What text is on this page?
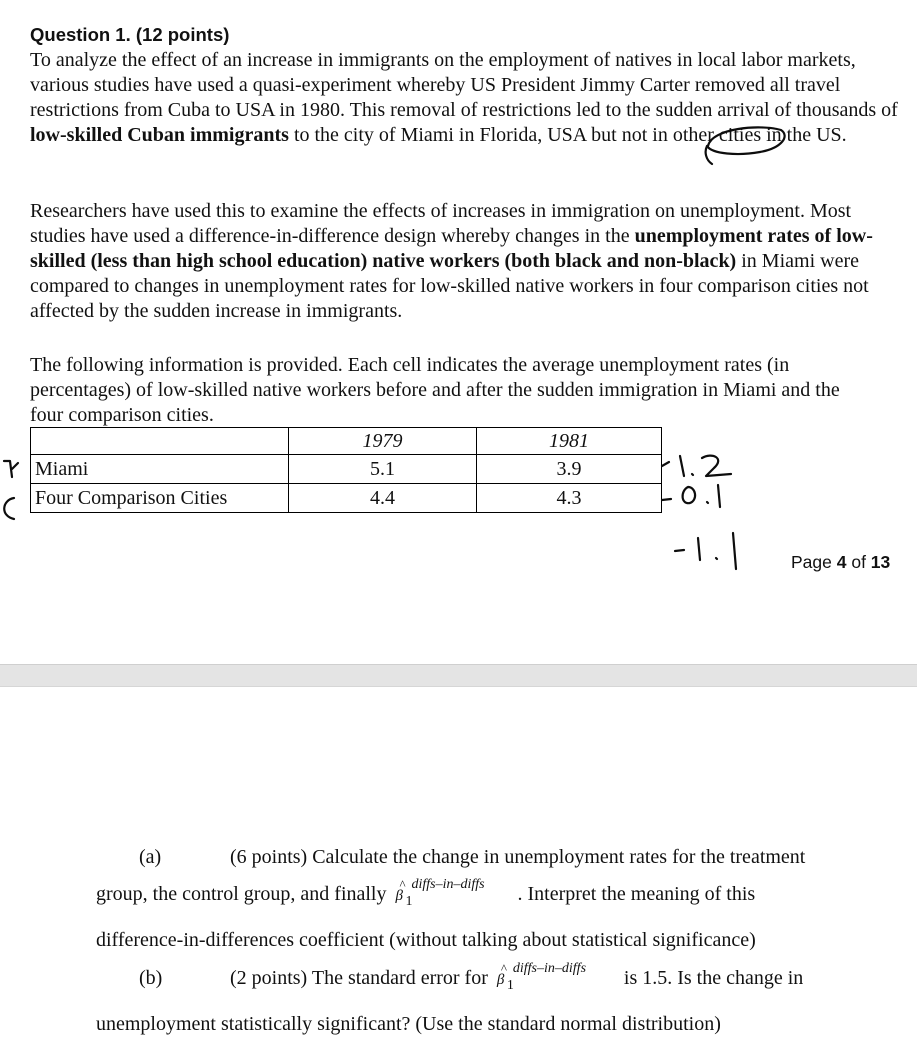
Question 1. (12 points)

To analyze the effect of an increase in immigrants on the employment of natives in local labor markets, various studies have used a quasi-experiment whereby US President Jimmy Carter removed all travel restrictions from Cuba to USA in 1980. This removal of restrictions led to the sudden arrival of thousands of low-skilled Cuban immigrants to the city of Miami in Florida, USA but not in other cities in the US.

Researchers have used this to examine the effects of increases in immigration on unemployment. Most studies have used a difference-in-difference design whereby changes in the unemployment rates of low-skilled (less than high school education) native workers (both black and non-black) in Miami were compared to changes in unemployment rates for low-skilled native workers in four comparison cities not affected by the sudden increase in immigrants.

The following information is provided. Each cell indicates the average unemployment rates (in percentages) of low-skilled native workers before and after the sudden immigration in Miami and the four comparison cities.

	1979	1981
Miami	5.1	3.9
Four Comparison Cities	4.4	4.3
Page 4 of 13
(a)	(6 points) Calculate the change in unemployment rates for the treatment
group, the control group, and finally ^
β
diffs–in–diffs
1	. Interpret the meaning of this
difference-in-differences coefficient (without talking about statistical significance)
(b)	(2 points) The standard error for ^
β
diffs–in–diffs
1	is 1.5. Is the change in
unemployment statistically significant? (Use the standard normal distribution)
